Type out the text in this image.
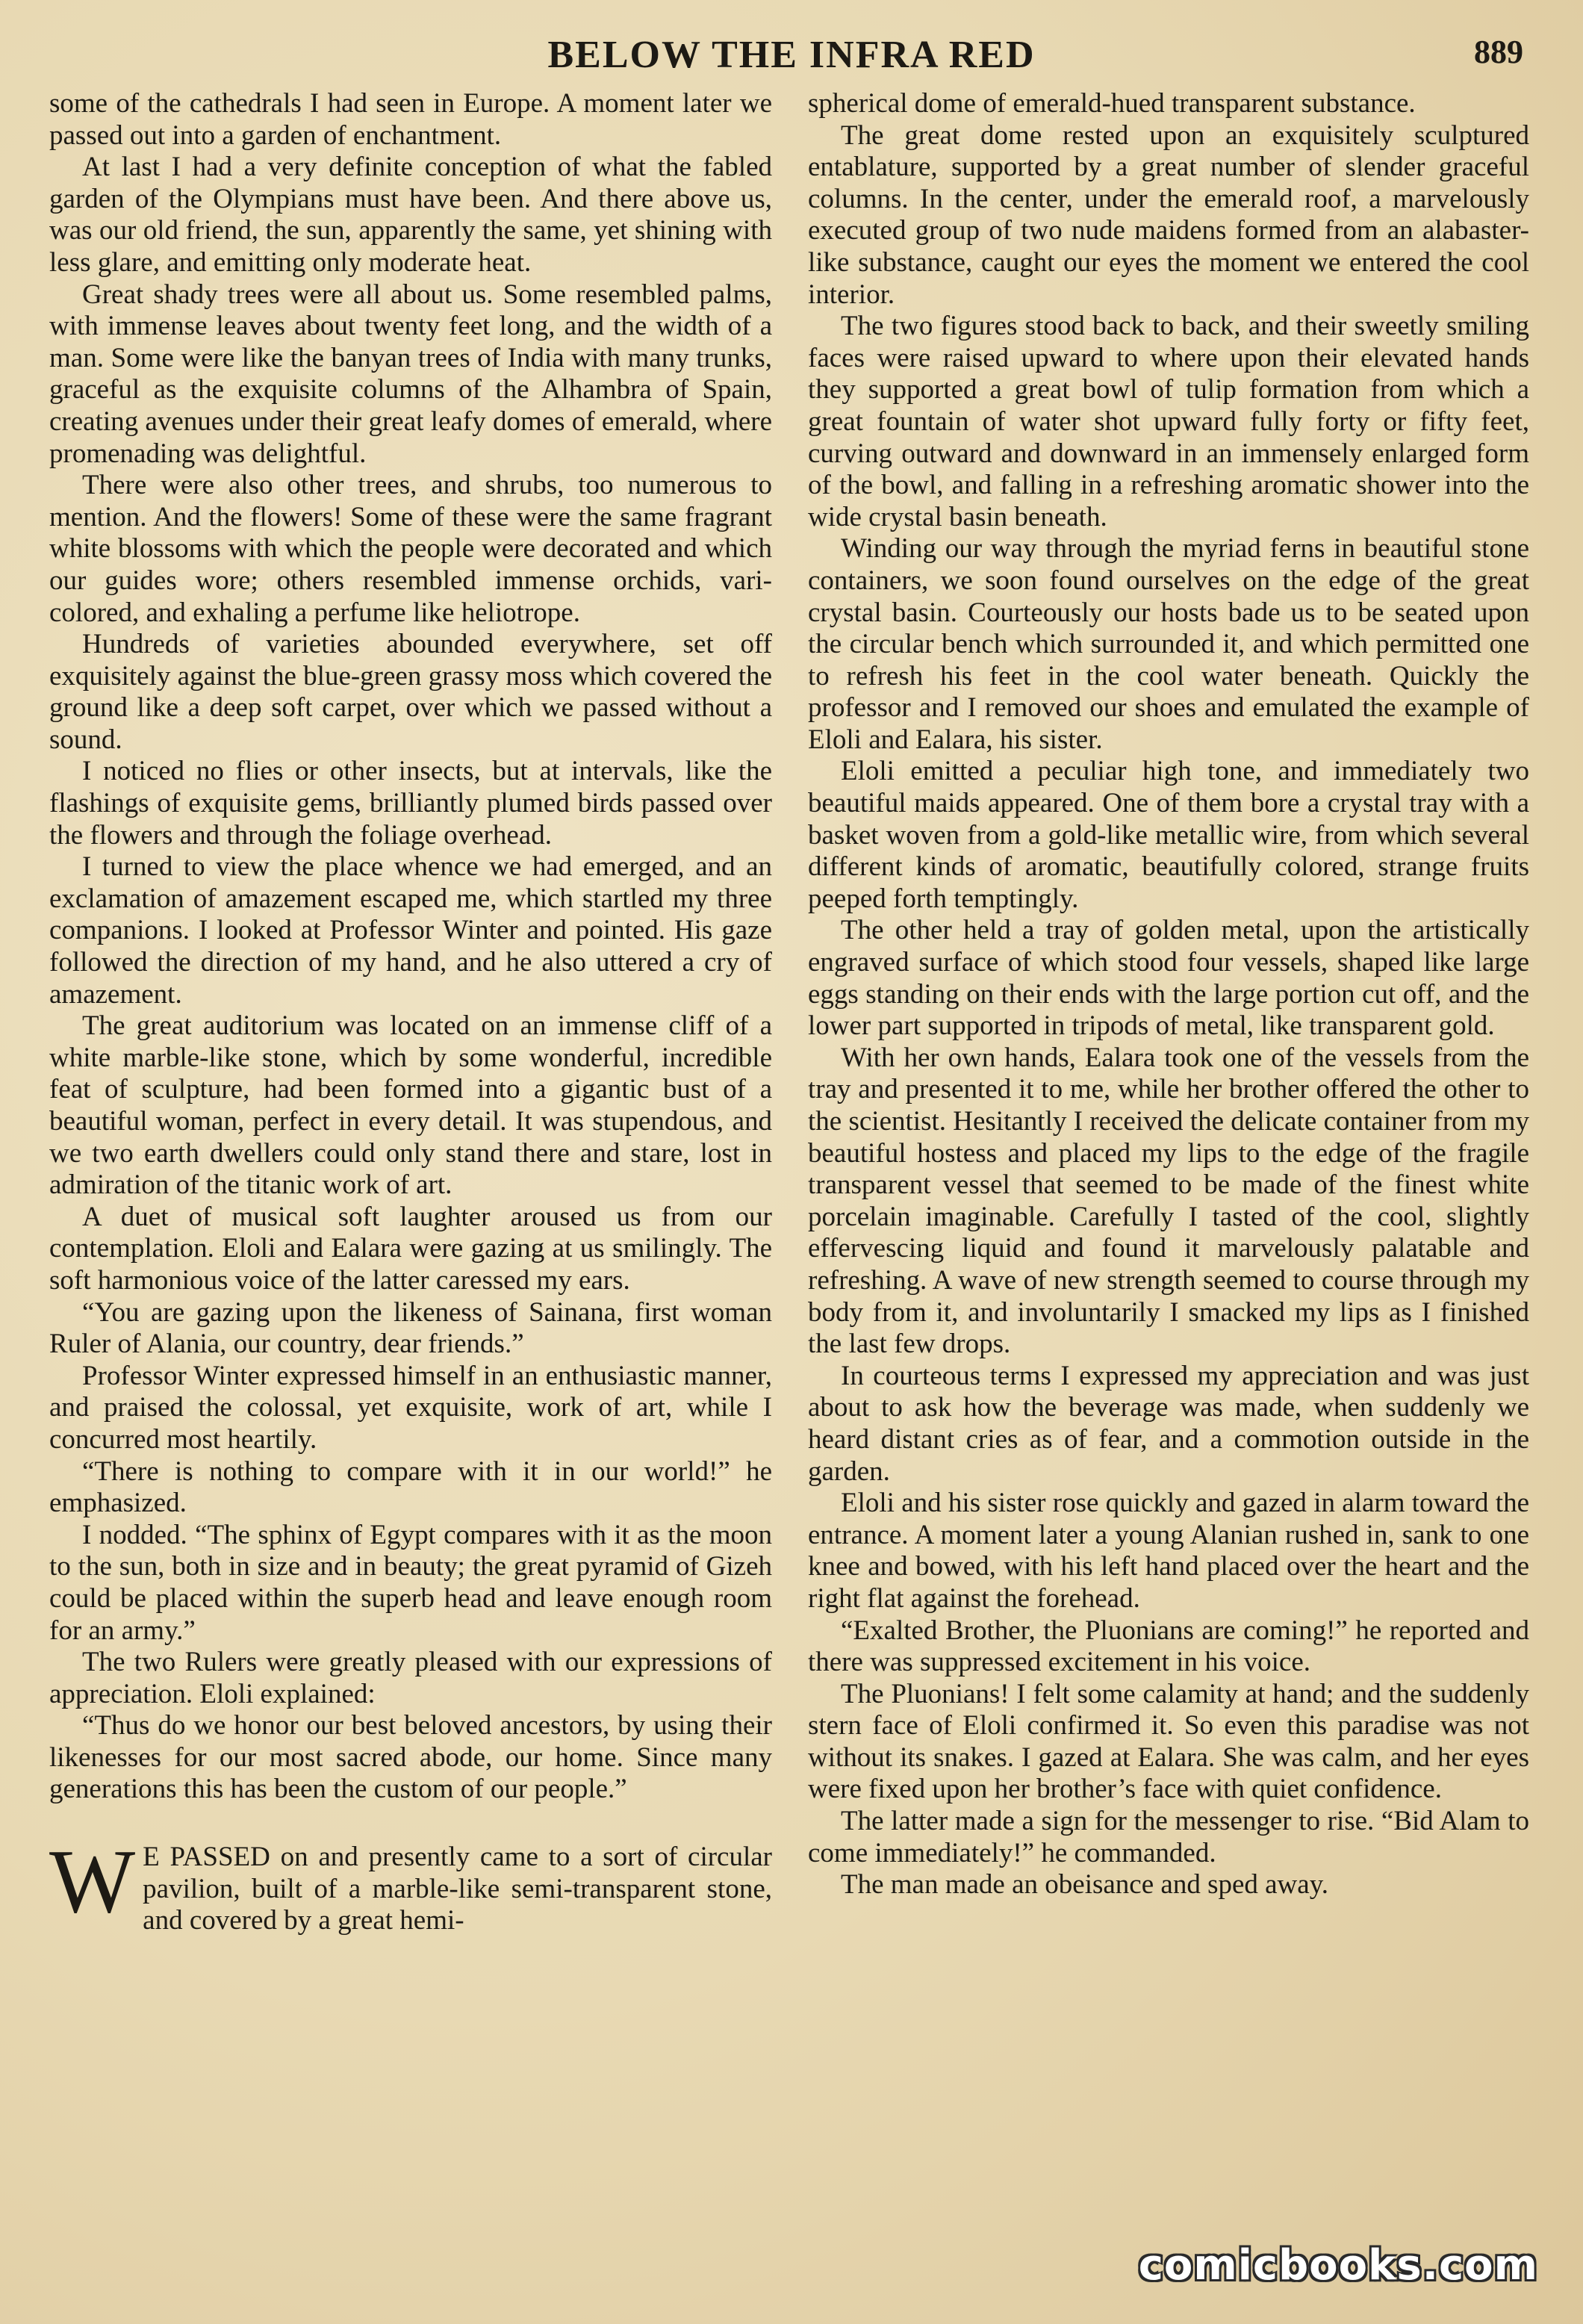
BELOW THE INFRA RED	889

some of the cathedrals I had seen in Europe. A moment later we passed out into a garden of enchantment.

At last I had a very definite conception of what the fabled garden of the Olympians must have been. And there above us, was our old friend, the sun, apparently the same, yet shining with less glare, and emitting only moderate heat.

Great shady trees were all about us. Some resembled palms, with immense leaves about twenty feet long, and the width of a man. Some were like the banyan trees of India with many trunks, graceful as the exquisite columns of the Alhambra of Spain, creating avenues under their great leafy domes of emerald, where promenading was delightful.

There were also other trees, and shrubs, too numerous to mention. And the flowers! Some of these were the same fragrant white blossoms with which the people were decorated and which our guides wore; others resembled immense orchids, vari-colored, and exhaling a perfume like heliotrope.

Hundreds of varieties abounded everywhere, set off exquisitely against the blue-green grassy moss which covered the ground like a deep soft carpet, over which we passed without a sound.

I noticed no flies or other insects, but at intervals, like the flashings of exquisite gems, brilliantly plumed birds passed over the flowers and through the foliage overhead.

I turned to view the place whence we had emerged, and an exclamation of amazement escaped me, which startled my three companions. I looked at Professor Winter and pointed. His gaze followed the direction of my hand, and he also uttered a cry of amazement.

The great auditorium was located on an immense cliff of a white marble-like stone, which by some wonderful, incredible feat of sculpture, had been formed into a gigantic bust of a beautiful woman, perfect in every detail. It was stupendous, and we two earth dwellers could only stand there and stare, lost in admiration of the titanic work of art.

A duet of musical soft laughter aroused us from our contemplation. Eloli and Ealara were gazing at us smilingly. The soft harmonious voice of the latter caressed my ears.

“You are gazing upon the likeness of Sainana, first woman Ruler of Alania, our country, dear friends.”

Professor Winter expressed himself in an enthusiastic manner, and praised the colossal, yet exquisite, work of art, while I concurred most heartily.

“There is nothing to compare with it in our world!” he emphasized.

I nodded. “The sphinx of Egypt compares with it as the moon to the sun, both in size and in beauty; the great pyramid of Gizeh could be placed within the superb head and leave enough room for an army.”

The two Rulers were greatly pleased with our expressions of appreciation. Eloli explained:

“Thus do we honor our best beloved ancestors, by using their likenesses for our most sacred abode, our home. Since many generations this has been the custom of our people.”

W E PASSED on and presently came to a sort of circular pavilion, built of a marble-like semi-transparent stone, and covered by a great hemi-

spherical dome of emerald-hued transparent substance.

The great dome rested upon an exquisitely sculptured entablature, supported by a great number of slender graceful columns. In the center, under the emerald roof, a marvelously executed group of two nude maidens formed from an alabaster-like substance, caught our eyes the moment we entered the cool interior.

The two figures stood back to back, and their sweetly smiling faces were raised upward to where upon their elevated hands they supported a great bowl of tulip formation from which a great fountain of water shot upward fully forty or fifty feet, curving outward and downward in an immensely enlarged form of the bowl, and falling in a refreshing aromatic shower into the wide crystal basin beneath.

Winding our way through the myriad ferns in beautiful stone containers, we soon found ourselves on the edge of the great crystal basin. Courteously our hosts bade us to be seated upon the circular bench which surrounded it, and which permitted one to refresh his feet in the cool water beneath. Quickly the professor and I removed our shoes and emulated the example of Eloli and Ealara, his sister.

Eloli emitted a peculiar high tone, and immediately two beautiful maids appeared. One of them bore a crystal tray with a basket woven from a gold-like metallic wire, from which several different kinds of aromatic, beautifully colored, strange fruits peeped forth temptingly.

The other held a tray of golden metal, upon the artistically engraved surface of which stood four vessels, shaped like large eggs standing on their ends with the large portion cut off, and the lower part supported in tripods of metal, like transparent gold.

With her own hands, Ealara took one of the vessels from the tray and presented it to me, while her brother offered the other to the scientist. Hesitantly I received the delicate container from my beautiful hostess and placed my lips to the edge of the fragile transparent vessel that seemed to be made of the finest white porcelain imaginable. Carefully I tasted of the cool, slightly effervescing liquid and found it marvelously palatable and refreshing. A wave of new strength seemed to course through my body from it, and involuntarily I smacked my lips as I finished the last few drops.

In courteous terms I expressed my appreciation and was just about to ask how the beverage was made, when suddenly we heard distant cries as of fear, and a commotion outside in the garden.

Eloli and his sister rose quickly and gazed in alarm toward the entrance. A moment later a young Alanian rushed in, sank to one knee and bowed, with his left hand placed over the heart and the right flat against the forehead.

“Exalted Brother, the Pluonians are coming!” he reported and there was suppressed excitement in his voice.

The Pluonians! I felt some calamity at hand; and the suddenly stern face of Eloli confirmed it. So even this paradise was not without its snakes. I gazed at Ealara. She was calm, and her eyes were fixed upon her brother’s face with quiet confidence.

The latter made a sign for the messenger to rise. “Bid Alam to come immediately!” he commanded.

The man made an obeisance and sped away.

comicbooks.com
